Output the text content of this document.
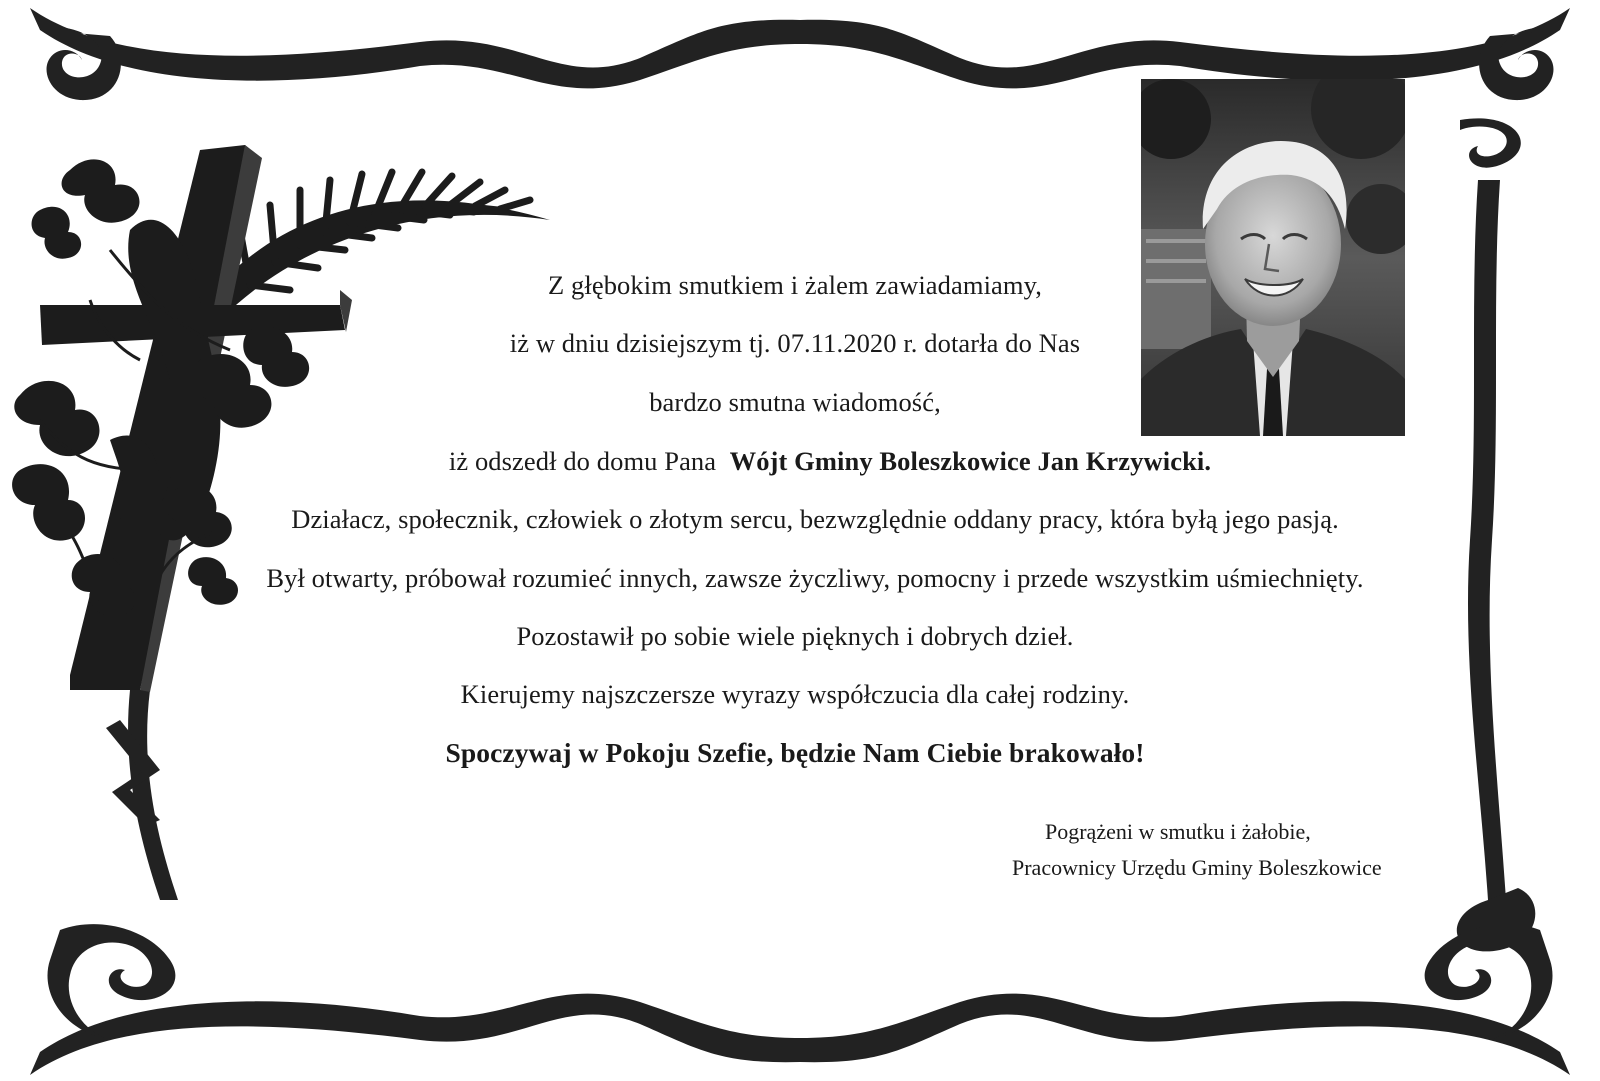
Z głębokim smutkiem i żalem zawiadamiamy,
iż w dniu dzisiejszym tj. 07.11.2020 r. dotarła do Nas
bardzo smutna wiadomość,
iż odszedł do domu Pana  Wójt Gminy Boleszkowice Jan Krzywicki.
Działacz, społecznik, człowiek o złotym sercu, bezwzględnie oddany pracy, która byłą jego pasją.
Był otwarty, próbował rozumieć innych, zawsze życzliwy, pomocny i przede wszystkim uśmiechnięty.
Pozostawił po sobie wiele pięknych i dobrych dzieł.
Kierujemy najszczersze wyrazy współczucia dla całej rodziny.
Spoczywaj w Pokoju Szefie, będzie Nam Ciebie brakowało!
Pogrążeni w smutku i żałobie,
Pracownicy Urzędu Gminy Boleszkowice
